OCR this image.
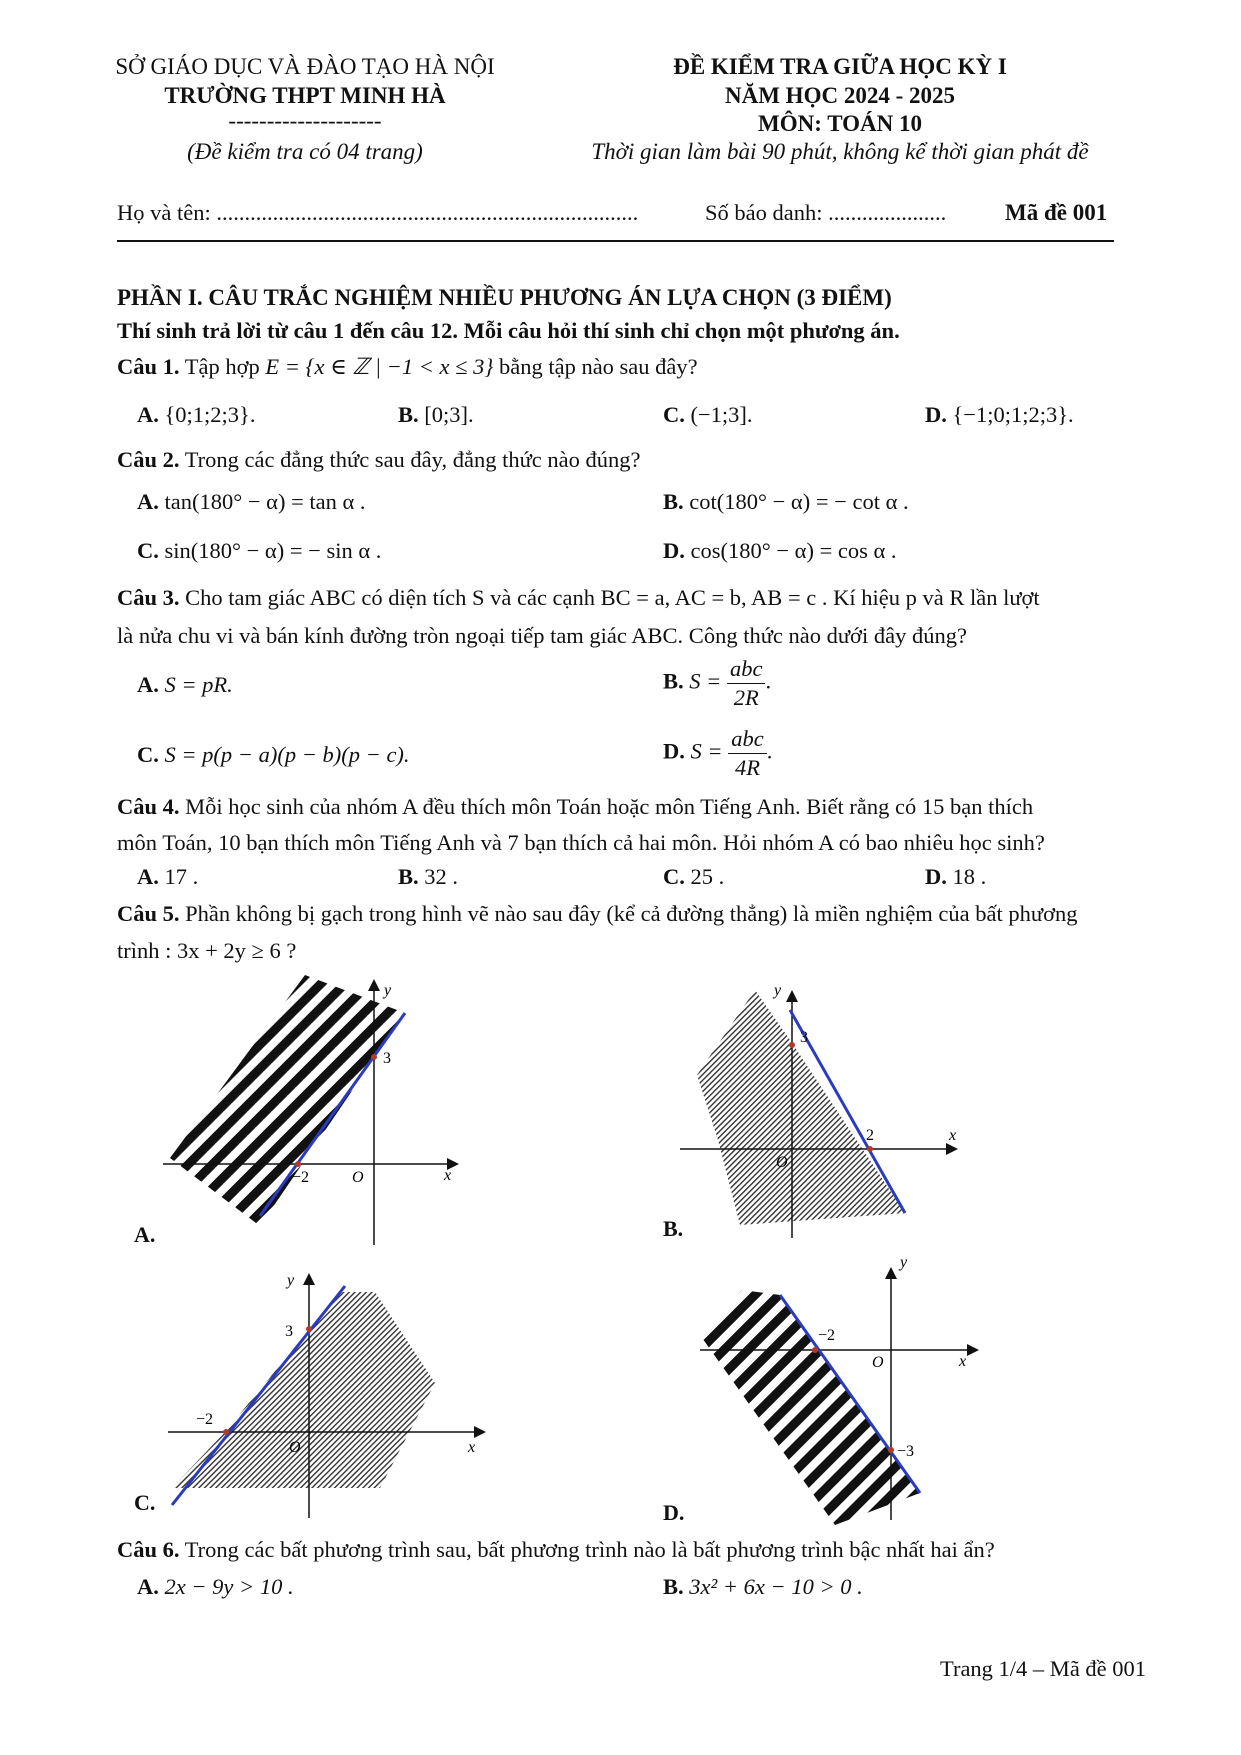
SỞ GIÁO DỤC VÀ ĐÀO TẠO HÀ NỘI
TRƯỜNG THPT MINH HÀ
--------------------
(Đề kiểm tra có 04 trang)
ĐỀ KIỂM TRA GIỮA HỌC KỲ I
NĂM HỌC 2024 - 2025
MÔN: TOÁN 10
Thời gian làm bài 90 phút, không kể thời gian phát đề
Họ và tên: ...........................................................................	Số báo danh: .....................	Mã đề 001
PHẦN I. CÂU TRẮC NGHIỆM NHIỀU PHƯƠNG ÁN LỰA CHỌN (3 ĐIỂM)
Thí sinh trả lời từ câu 1 đến câu 12. Mỗi câu hỏi thí sinh chỉ chọn một phương án.
Câu 1. Tập hợp E = {x ∈ ℤ | −1 < x ≤ 3} bằng tập nào sau đây?
A. {0;1;2;3}.	B. [0;3].	C. (−1;3].	D. {−1;0;1;2;3}.
Câu 2. Trong các đẳng thức sau đây, đẳng thức nào đúng?
A. tan(180° − α) = tan α .	B. cot(180° − α) = − cot α .
C. sin(180° − α) = − sin α .	D. cos(180° − α) = cos α .
Câu 3. Cho tam giác ABC có diện tích S và các cạnh BC = a, AC = b, AB = c . Kí hiệu p và R lần lượt
là nửa chu vi và bán kính đường tròn ngoại tiếp tam giác ABC. Công thức nào dưới đây đúng?
A. S = pR.	B. $S = \frac{\text{abc}}{2R}$ .
C. S = p(p − a)(p − b)(p − c).	D. $S = \frac{\text{abc}}{4R}$ .
Câu 4. Mỗi học sinh của nhóm A đều thích môn Toán hoặc môn Tiếng Anh. Biết rằng có 15 bạn thích
môn Toán, 10 bạn thích môn Tiếng Anh và 7 bạn thích cả hai môn. Hỏi nhóm A có bao nhiêu học sinh?
A. 17 .	B. 32 .	C. 25 .	D. 18 .
Câu 5. Phần không bị gạch trong hình vẽ nào sau đây (kể cả đường thẳng) là miền nghiệm của bất phương
trình : 3x + 2y ≥ 6 ?
3
−2	O	x
y
3
2
O
x
y
3
−2
O	x
y
−3
−2
O	x
y
A.	B.
C.	D.
Câu 6. Trong các bất phương trình sau, bất phương trình nào là bất phương trình bậc nhất hai ẩn?
A. 2x − 9y > 10 .	B. 3x² + 6x − 10 > 0 .
Trang 1/4 – Mã đề 001
